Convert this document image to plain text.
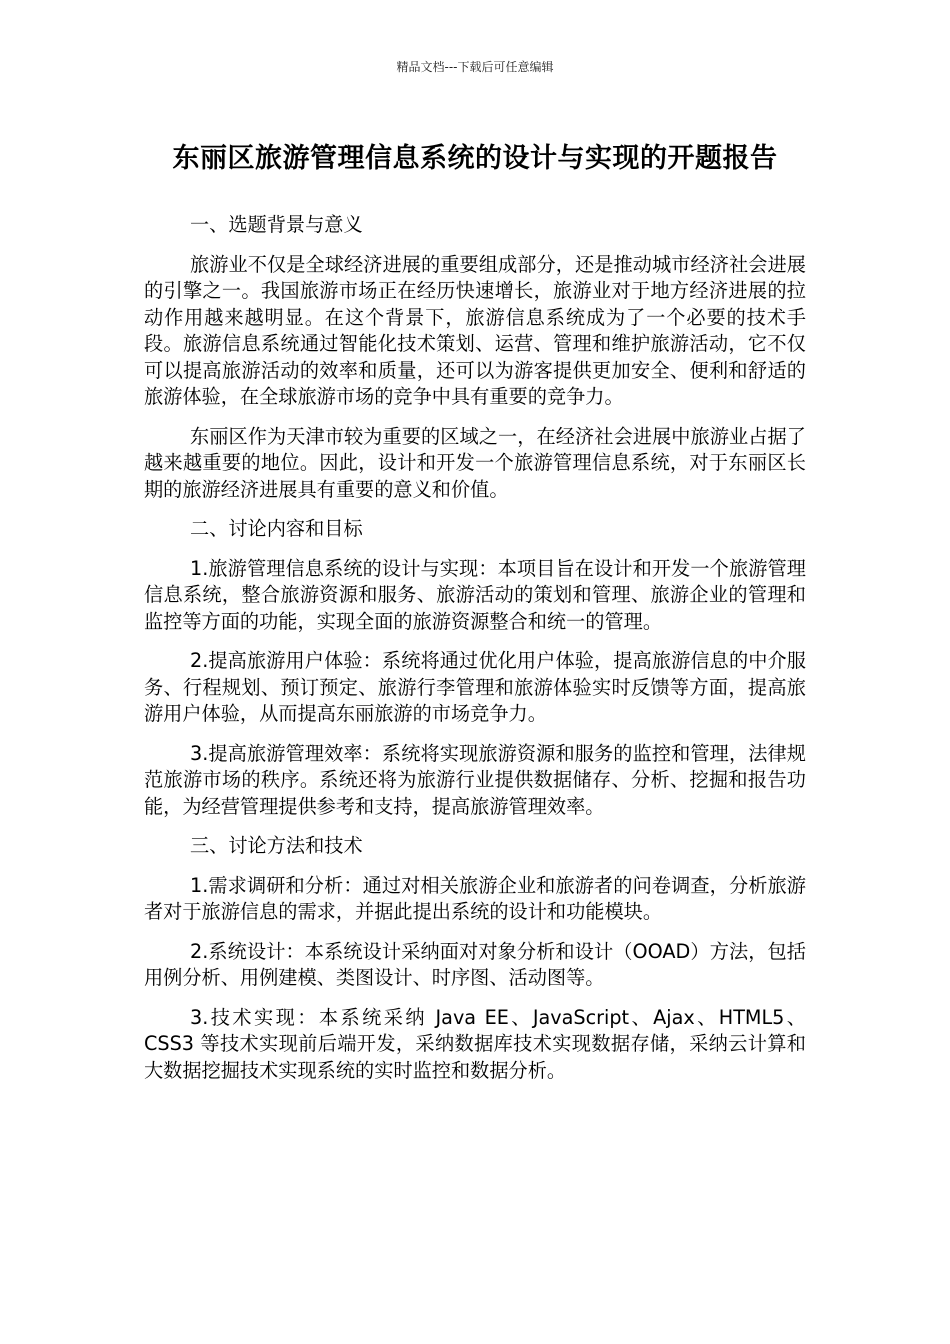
精品文档---下载后可任意编辑
东丽区旅游管理信息系统的设计与实现的开题报告

一、选题背景与意义

旅游业不仅是全球经济进展的重要组成部分，还是推动城市经济社会进展的引擎之一。我国旅游市场正在经历快速增长，旅游业对于地方经济进展的拉动作用越来越明显。在这个背景下，旅游信息系统成为了一个必要的技术手段。旅游信息系统通过智能化技术策划、运营、管理和维护旅游活动，它不仅可以提高旅游活动的效率和质量，还可以为游客提供更加安全、便利和舒适的旅游体验，在全球旅游市场的竞争中具有重要的竞争力。

东丽区作为天津市较为重要的区域之一，在经济社会进展中旅游业占据了越来越重要的地位。因此，设计和开发一个旅游管理信息系统，对于东丽区长期的旅游经济进展具有重要的意义和价值。

二、讨论内容和目标

1.旅游管理信息系统的设计与实现：本项目旨在设计和开发一个旅游管理信息系统，整合旅游资源和服务、旅游活动的策划和管理、旅游企业的管理和监控等方面的功能，实现全面的旅游资源整合和统一的管理。

2.提高旅游用户体验：系统将通过优化用户体验，提高旅游信息的中介服务、行程规划、预订预定、旅游行李管理和旅游体验实时反馈等方面，提高旅游用户体验，从而提高东丽旅游的市场竞争力。

3.提高旅游管理效率：系统将实现旅游资源和服务的监控和管理，法律规范旅游市场的秩序。系统还将为旅游行业提供数据储存、分析、挖掘和报告功能，为经营管理提供参考和支持，提高旅游管理效率。

三、讨论方法和技术

1.需求调研和分析：通过对相关旅游企业和旅游者的问卷调查，分析旅游者对于旅游信息的需求，并据此提出系统的设计和功能模块。

2.系统设计：本系统设计采纳面对对象分析和设计（OOAD）方法，包括用例分析、用例建模、类图设计、时序图、活动图等。

3.技术实现：本系统采纳 Java EE、JavaScript、Ajax、HTML5、CSS3 等技术实现前后端开发，采纳数据库技术实现数据存储，采纳云计算和大数据挖掘技术实现系统的实时监控和数据分析。
